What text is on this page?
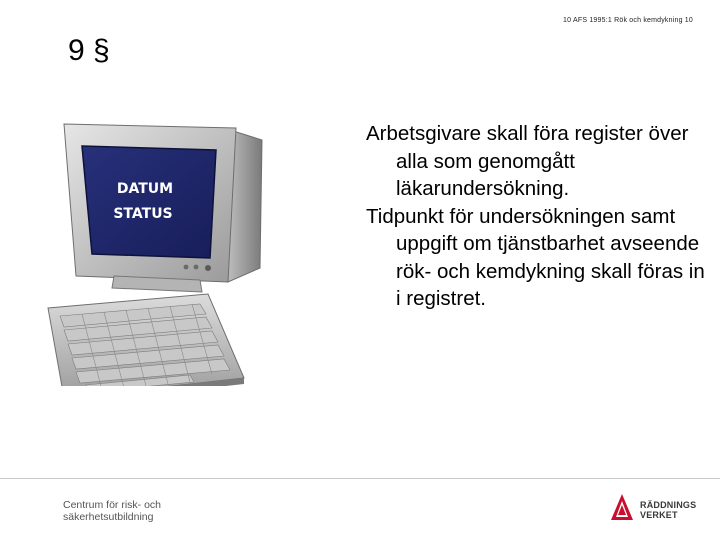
10 AFS 1995:1 Rök och kemdykning 10
9 §
DATUM
STATUS

Arbetsgivare skall föra register över alla som genomgått läkarundersökning.

Tidpunkt för undersökningen samt uppgift om tjänstbarhet avseende rök- och kemdykning skall föras in i registret.

Centrum för risk- och
säkerhetsutbildning
RÄDDNINGS
VERKET
